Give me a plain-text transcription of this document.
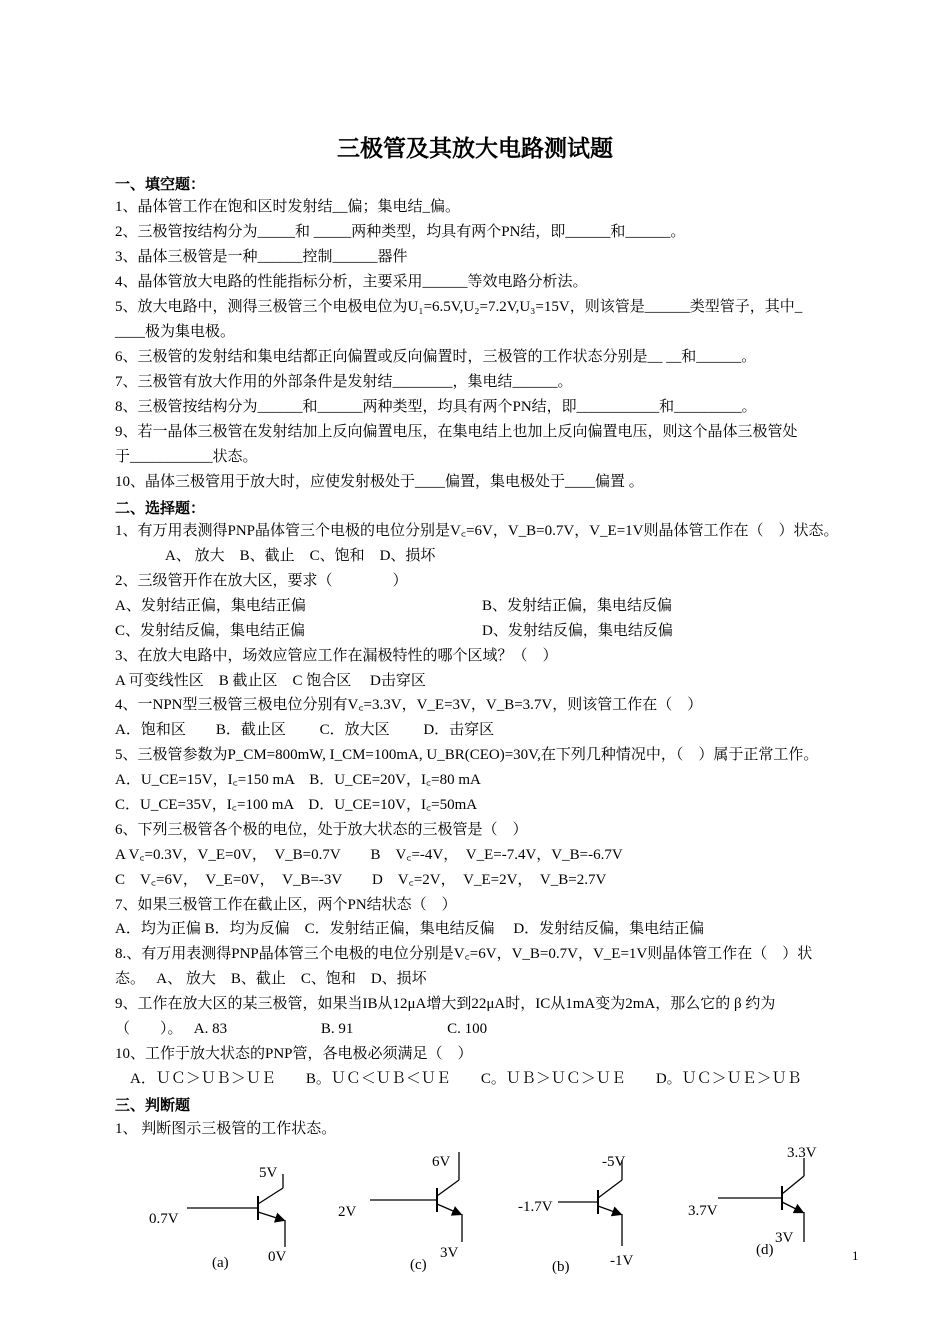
三极管及其放大电路测试题
一、填空题：
1、晶体管工作在饱和区时发射结__偏；集电结_偏。
2、三极管按结构分为_____和 _____两种类型，均具有两个PN结，即______和______。
3、晶体三极管是一种______控制______器件
4、晶体管放大电路的性能指标分析，主要采用______等效电路分析法。
5、放大电路中，测得三极管三个电极电位为U₁=6.5V,U₂=7.2V,U₃=15V，则该管是______类型管子，其中_
____极为集电极。
6、三极管的发射结和集电结都正向偏置或反向偏置时，三极管的工作状态分别是__ __和______。
7、三极管有放大作用的外部条件是发射结________，集电结______。
8、三极管按结构分为______和______两种类型，均具有两个PN结，即___________和_________。
9、若一晶体三极管在发射结加上反向偏置电压，在集电结上也加上反向偏置电压，则这个晶体三极管处
于___________状态。
10、晶体三极管用于放大时，应使发射极处于____偏置，集电极处于____偏置 。
二、选择题：
1、有万用表测得PNP晶体管三个电极的电位分别是V꜀=6V，V_B=0.7V，V_E=1V则晶体管工作在（　）状态。
A、 放大　B、截止　C、饱和　D、损坏
2、三级管开作在放大区，要求（　　　　）
A、发射结正偏，集电结正偏	B、发射结正偏，集电结反偏
C、发射结反偏，集电结正偏	D、发射结反偏，集电结反偏
3、在放大电路中，场效应管应工作在漏极特性的哪个区域？（　）
A 可变线性区　B 截止区　C 饱合区　 D击穿区
4、一NPN型三极管三极电位分别有V꜀=3.3V，V_E=3V，V_B=3.7V，则该管工作在（　）
A．饱和区　　B．截止区　　 C．放大区　　 D．击穿区
5、三极管参数为P_CM=800mW, I_CM=100mA, U_BR(CEO)=30V,在下列几种情况中，（　）属于正常工作。
A．U_CE=15V，I꜀=150 mA　B．U_CE=20V，I꜀=80 mA
C．U_CE=35V，I꜀=100 mA　D．U_CE=10V，I꜀=50mA
6、下列三极管各个极的电位，处于放大状态的三极管是（　）
A V꜀=0.3V，V_E=0V，　V_B=0.7V　　B　V꜀=-4V，　V_E=-7.4V，V_B=-6.7V
C　V꜀=6V，　V_E=0V，　V_B=-3V　　D　V꜀=2V，　V_E=2V，　V_B=2.7V
7、如果三极管工作在截止区，两个PN结状态（　）
A．均为正偏 B．均为反偏　C．发射结正偏，集电结反偏　 D．发射结反偏，集电结正偏
8.、有万用表测得PNP晶体管三个电极的电位分别是V꜀=6V，V_B=0.7V，V_E=1V则晶体管工作在（　）状
态。　 A、 放大　B、截止　C、饱和　D、损坏
9、工作在放大区的某三极管，如果当IB从12μA增大到22μA时，IC从1mA变为2mA，那么它的 β 约为
（　　）。　 A. 83　　　　　　 B. 91　　　　　　 C. 100
10、工作于放大状态的PNP管，各电极必须满足（　）
A．ＵＣ＞ＵＢ＞ＵＥ　　B。ＵＣ＜ＵＢ＜ＵＥ　　C。ＵＢ＞ＵＣ＞ＵＥ　　D。ＵＣ＞ＵＥ＞ＵＢ
三、判断题
1、 判断图示三极管的工作状态。
0.7V
5V
0V
(a)
2V
6V
3V
(c)
-1.7V
-5V
-1V
(b)
3.7V
3.3V
3V
(d)	1
